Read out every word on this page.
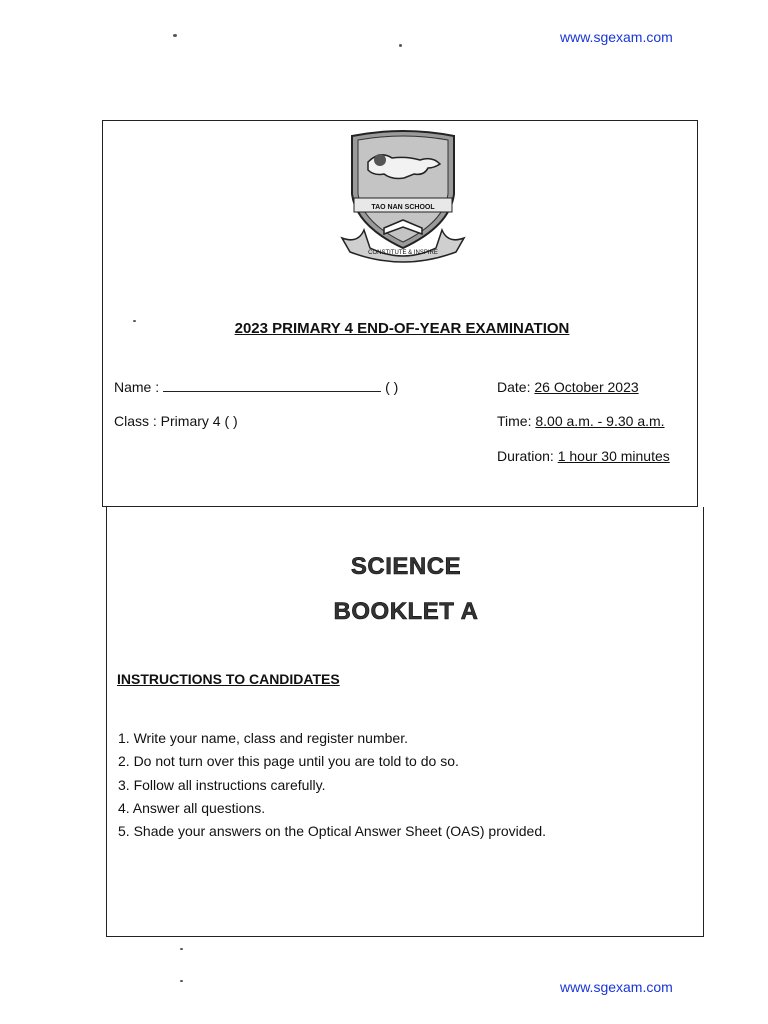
www.sgexam.com
TAO NAN SCHOOL
CONSTITUTE & INSPIRE
2023 PRIMARY 4 END-OF-YEAR EXAMINATION
Name :	( )
Class : Primary 4 ( )
Date: 26 October 2023
Time: 8.00 a.m. - 9.30 a.m.
Duration: 1 hour 30 minutes
SCIENCE
BOOKLET A
INSTRUCTIONS TO CANDIDATES
1. Write your name, class and register number.
2. Do not turn over this page until you are told to do so.
3. Follow all instructions carefully.
4. Answer all questions.
5. Shade your answers on the Optical Answer Sheet (OAS) provided.
www.sgexam.com
